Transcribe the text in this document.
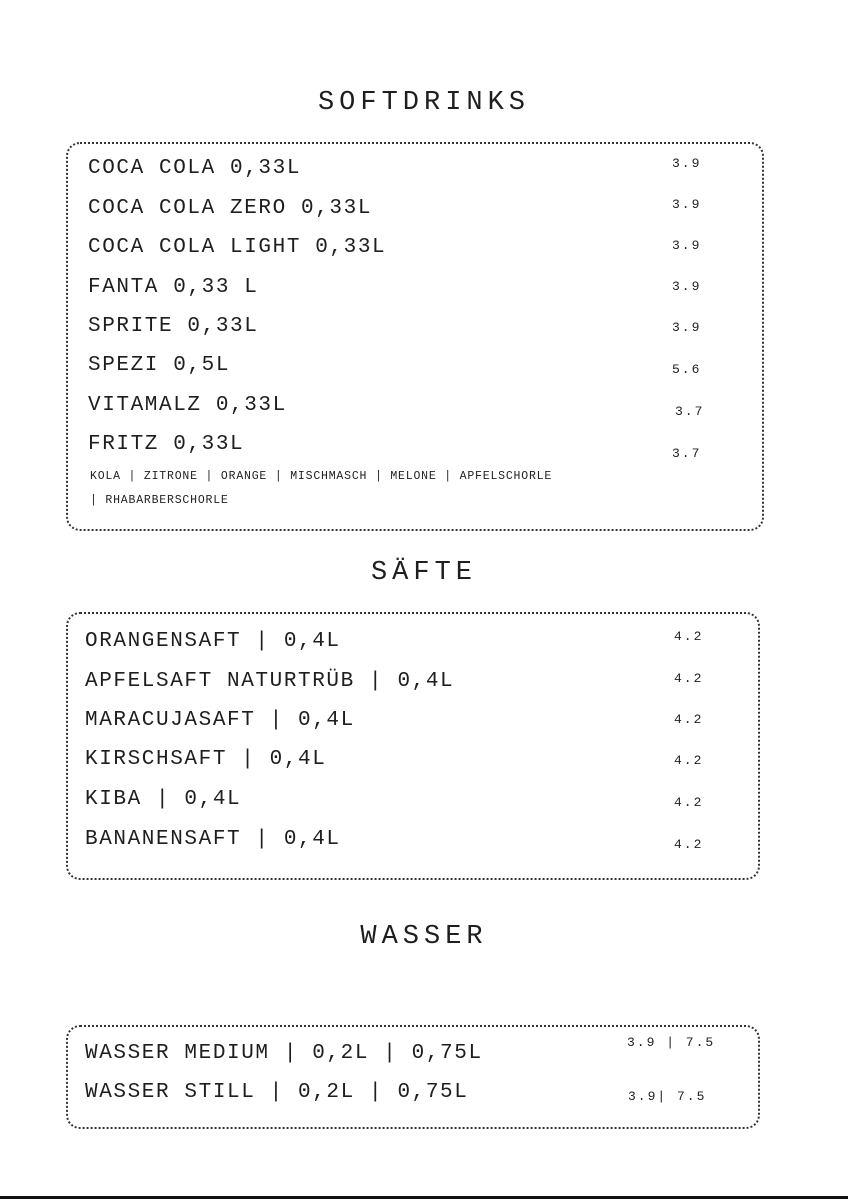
SOFTDRINKS
COCA COLA 0,33L	3.9
COCA COLA ZERO 0,33L	3.9
COCA COLA LIGHT 0,33L	3.9
FANTA 0,33 L	3.9
SPRITE 0,33L	3.9
SPEZI 0,5L	5.6
VITAMALZ 0,33L	3.7
FRITZ 0,33L	3.7
KOLA | ZITRONE | ORANGE | MISCHMASCH | MELONE | APFELSCHORLE
| RHABARBERSCHORLE
SÄFTE
ORANGENSAFT | 0,4L	4.2
APFELSAFT NATURTRÜB | 0,4L	4.2
MARACUJASAFT | 0,4L	4.2
KIRSCHSAFT | 0,4L	4.2
KIBA | 0,4L	4.2
BANANENSAFT | 0,4L	4.2
WASSER
WASSER MEDIUM | 0,2L | 0,75L	3.9 | 7.5
WASSER STILL | 0,2L | 0,75L	3.9| 7.5
